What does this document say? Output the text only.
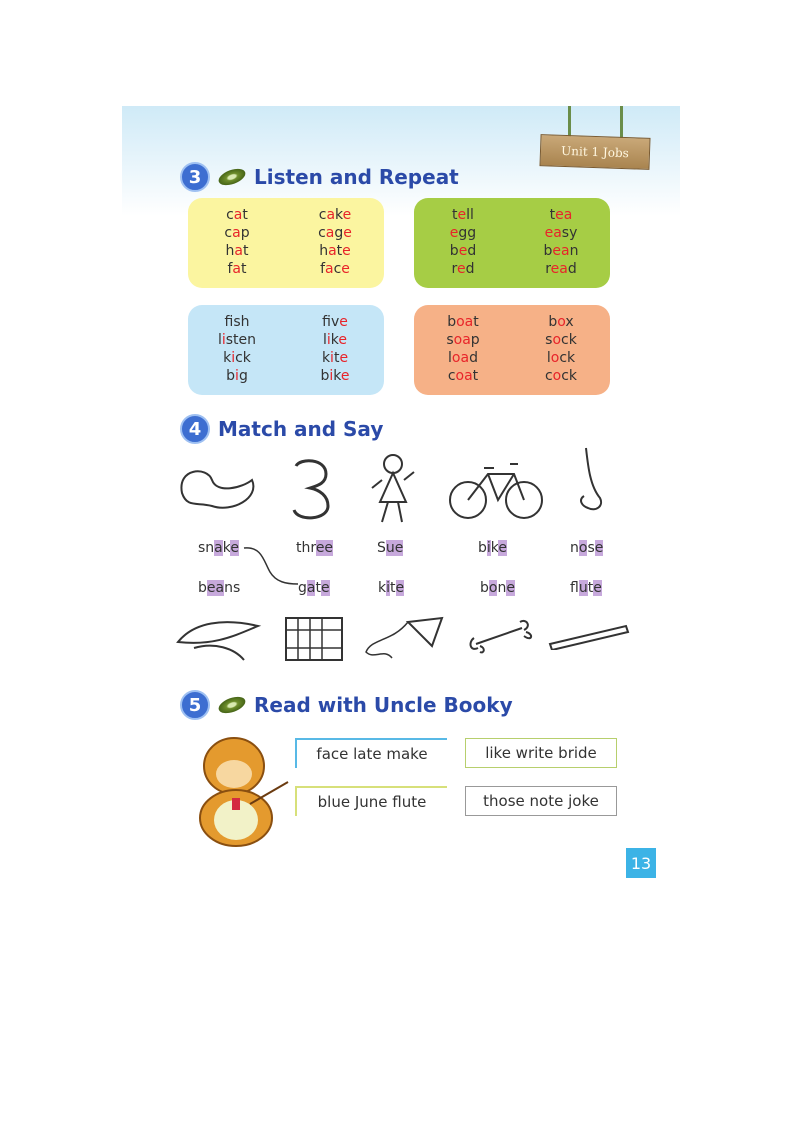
Unit 1 Jobs
3	Listen and Repeat
cat	cake
cap	cage
hat	hate
fat	face
tell	tea
egg	easy
bed	bean
red	read
fsh	fve
listen	like
kick	kite
big	bike
boat	box
soap	sock
load	lock
coat	cock
4 Match and Say
snake	three	Sue	bike	nose
beans	gate	kite	bone	flute
5	Read with Uncle Booky
face late make	like write bride
blue June flute	those note joke
13
